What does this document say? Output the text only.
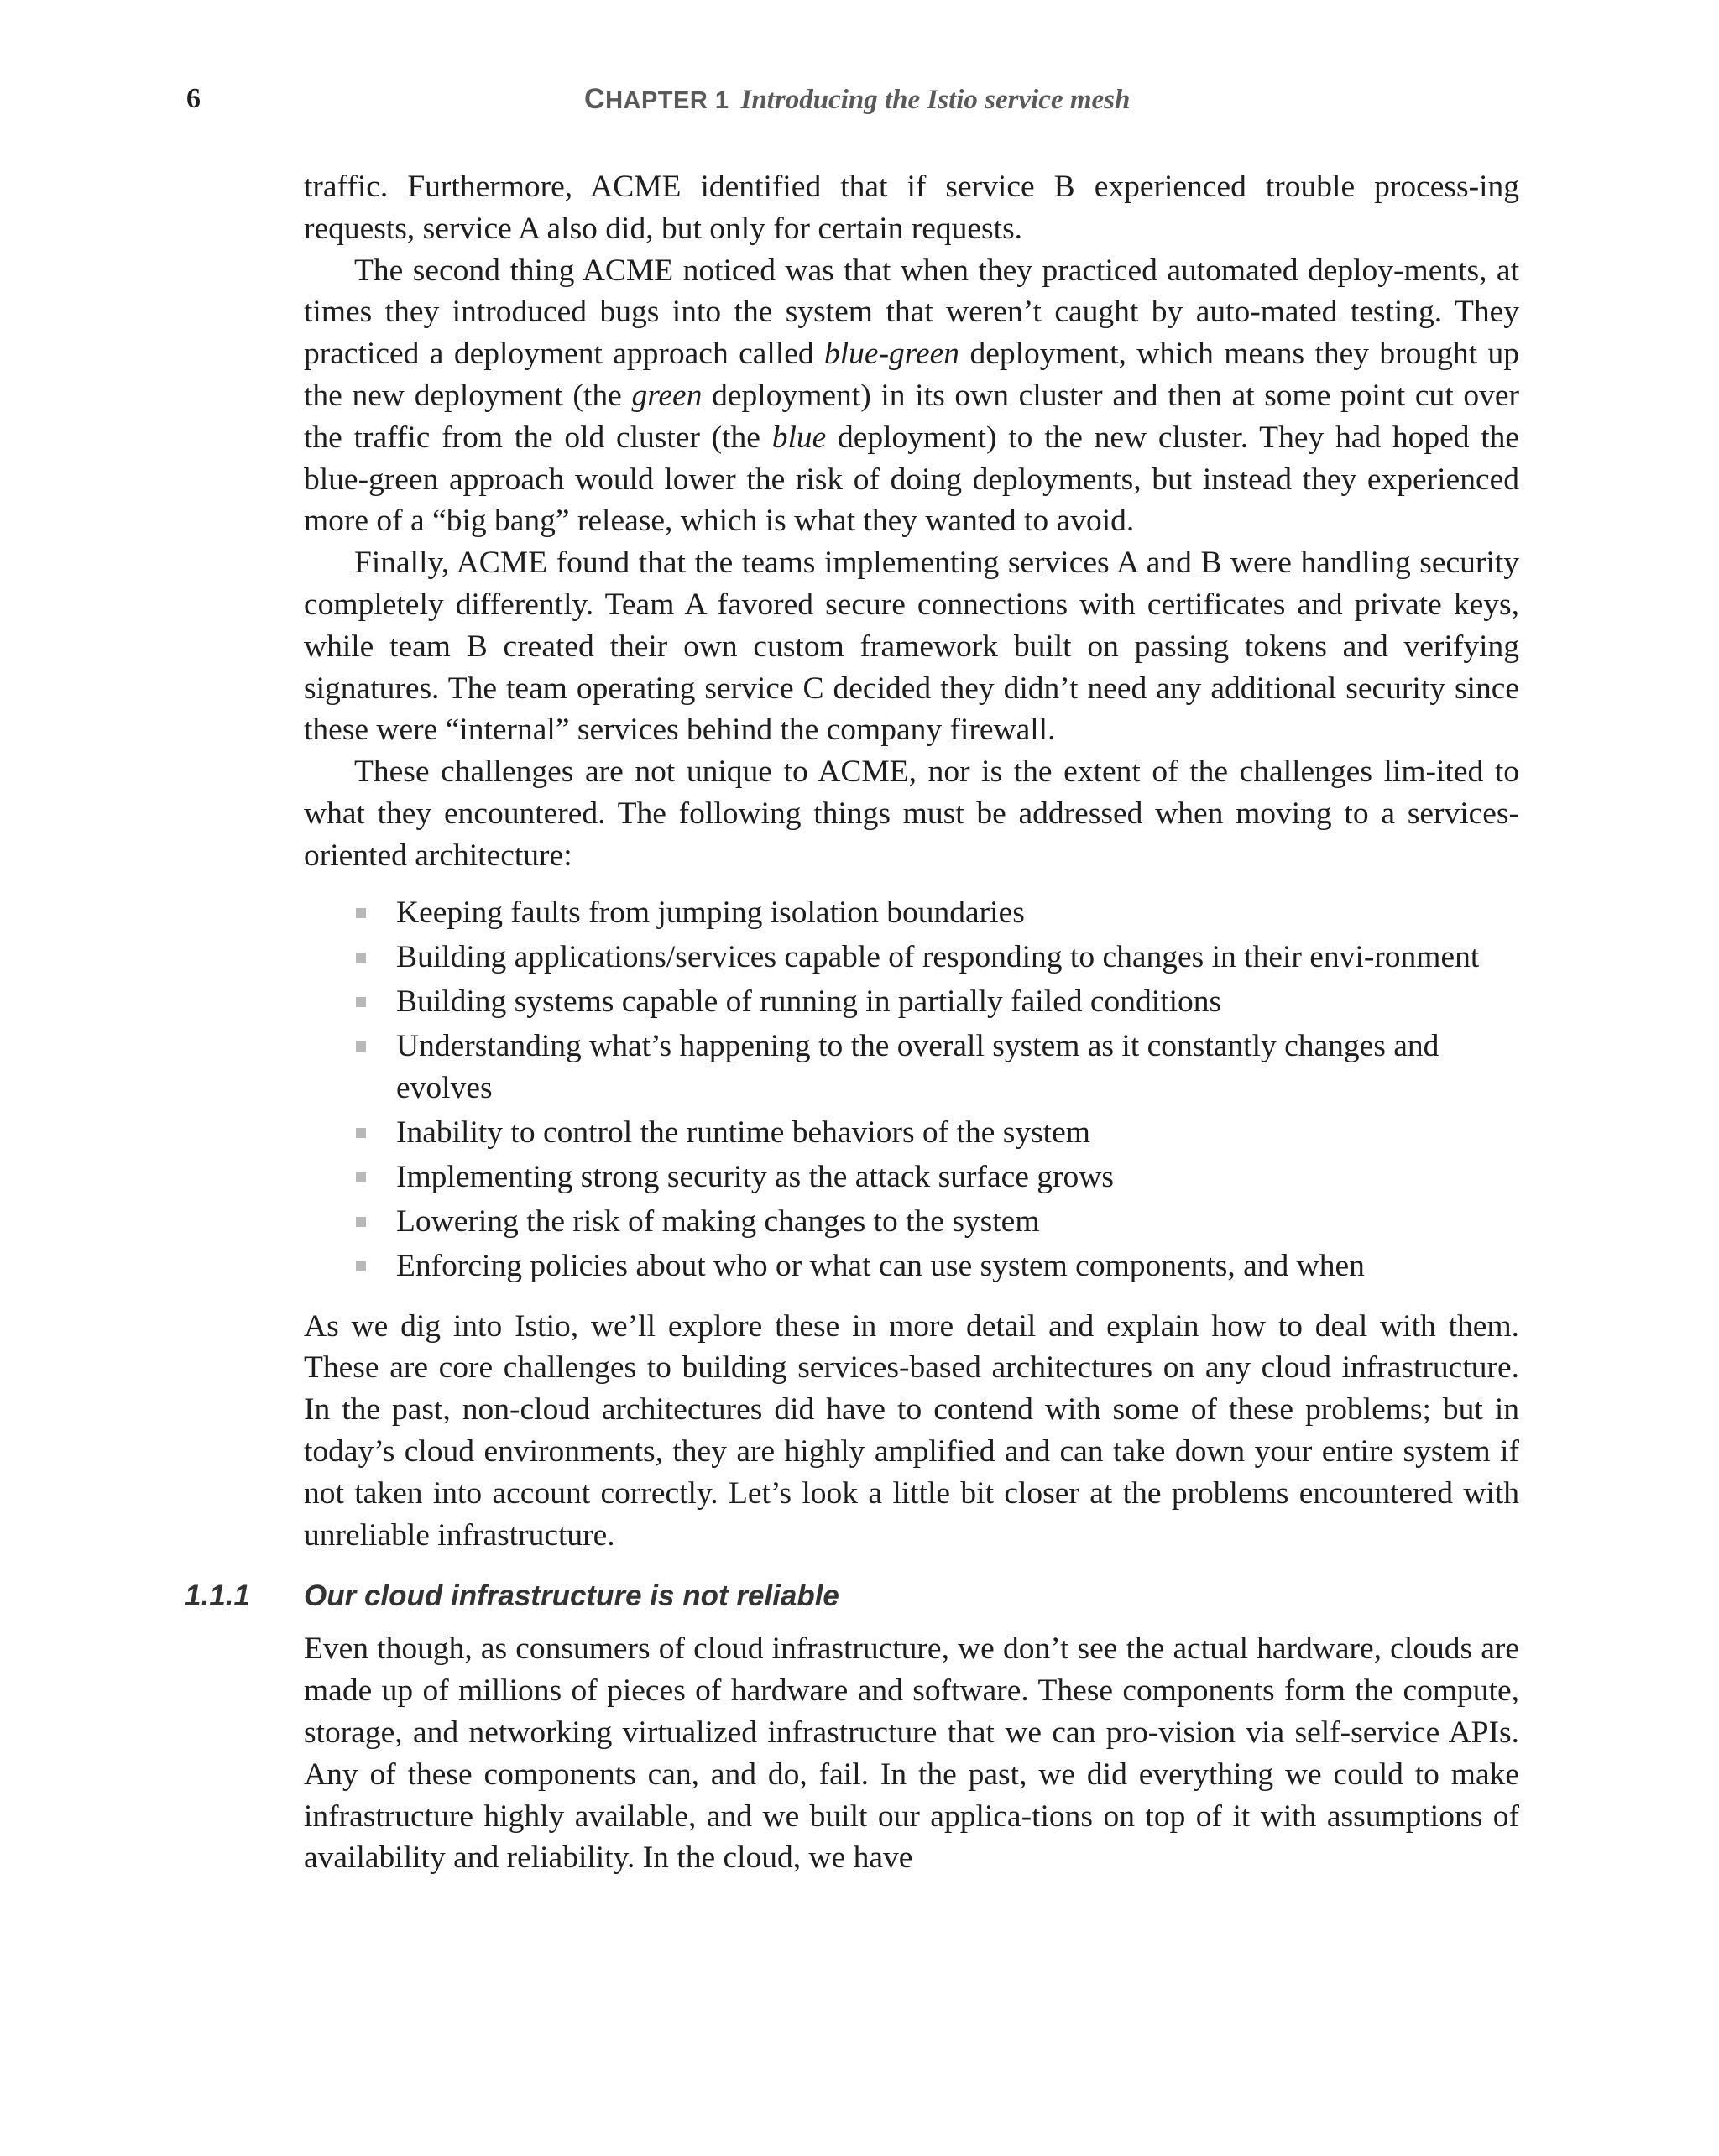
6	CHAPTER 1 Introducing the Istio service mesh

traffic. Furthermore, ACME identified that if service B experienced trouble process-ing requests, service A also did, but only for certain requests.

The second thing ACME noticed was that when they practiced automated deploy-ments, at times they introduced bugs into the system that weren’t caught by auto-mated testing. They practiced a deployment approach called blue-green deployment, which means they brought up the new deployment (the green deployment) in its own cluster and then at some point cut over the traffic from the old cluster (the blue deployment) to the new cluster. They had hoped the blue-green approach would lower the risk of doing deployments, but instead they experienced more of a “big bang” release, which is what they wanted to avoid.

Finally, ACME found that the teams implementing services A and B were handling security completely differently. Team A favored secure connections with certificates and private keys, while team B created their own custom framework built on passing tokens and verifying signatures. The team operating service C decided they didn’t need any additional security since these were “internal” services behind the company firewall.

These challenges are not unique to ACME, nor is the extent of the challenges lim-ited to what they encountered. The following things must be addressed when moving to a services-oriented architecture:

Keeping faults from jumping isolation boundaries
Building applications/services capable of responding to changes in their envi-ronment
Building systems capable of running in partially failed conditions
Understanding what’s happening to the overall system as it constantly changes and evolves
Inability to control the runtime behaviors of the system
Implementing strong security as the attack surface grows
Lowering the risk of making changes to the system
Enforcing policies about who or what can use system components, and when

As we dig into Istio, we’ll explore these in more detail and explain how to deal with them. These are core challenges to building services-based architectures on any cloud infrastructure. In the past, non-cloud architectures did have to contend with some of these problems; but in today’s cloud environments, they are highly amplified and can take down your entire system if not taken into account correctly. Let’s look a little bit closer at the problems encountered with unreliable infrastructure.

1.1.1 Our cloud infrastructure is not reliable

Even though, as consumers of cloud infrastructure, we don’t see the actual hardware, clouds are made up of millions of pieces of hardware and software. These components form the compute, storage, and networking virtualized infrastructure that we can pro-vision via self-service APIs. Any of these components can, and do, fail. In the past, we did everything we could to make infrastructure highly available, and we built our applica-tions on top of it with assumptions of availability and reliability. In the cloud, we have
